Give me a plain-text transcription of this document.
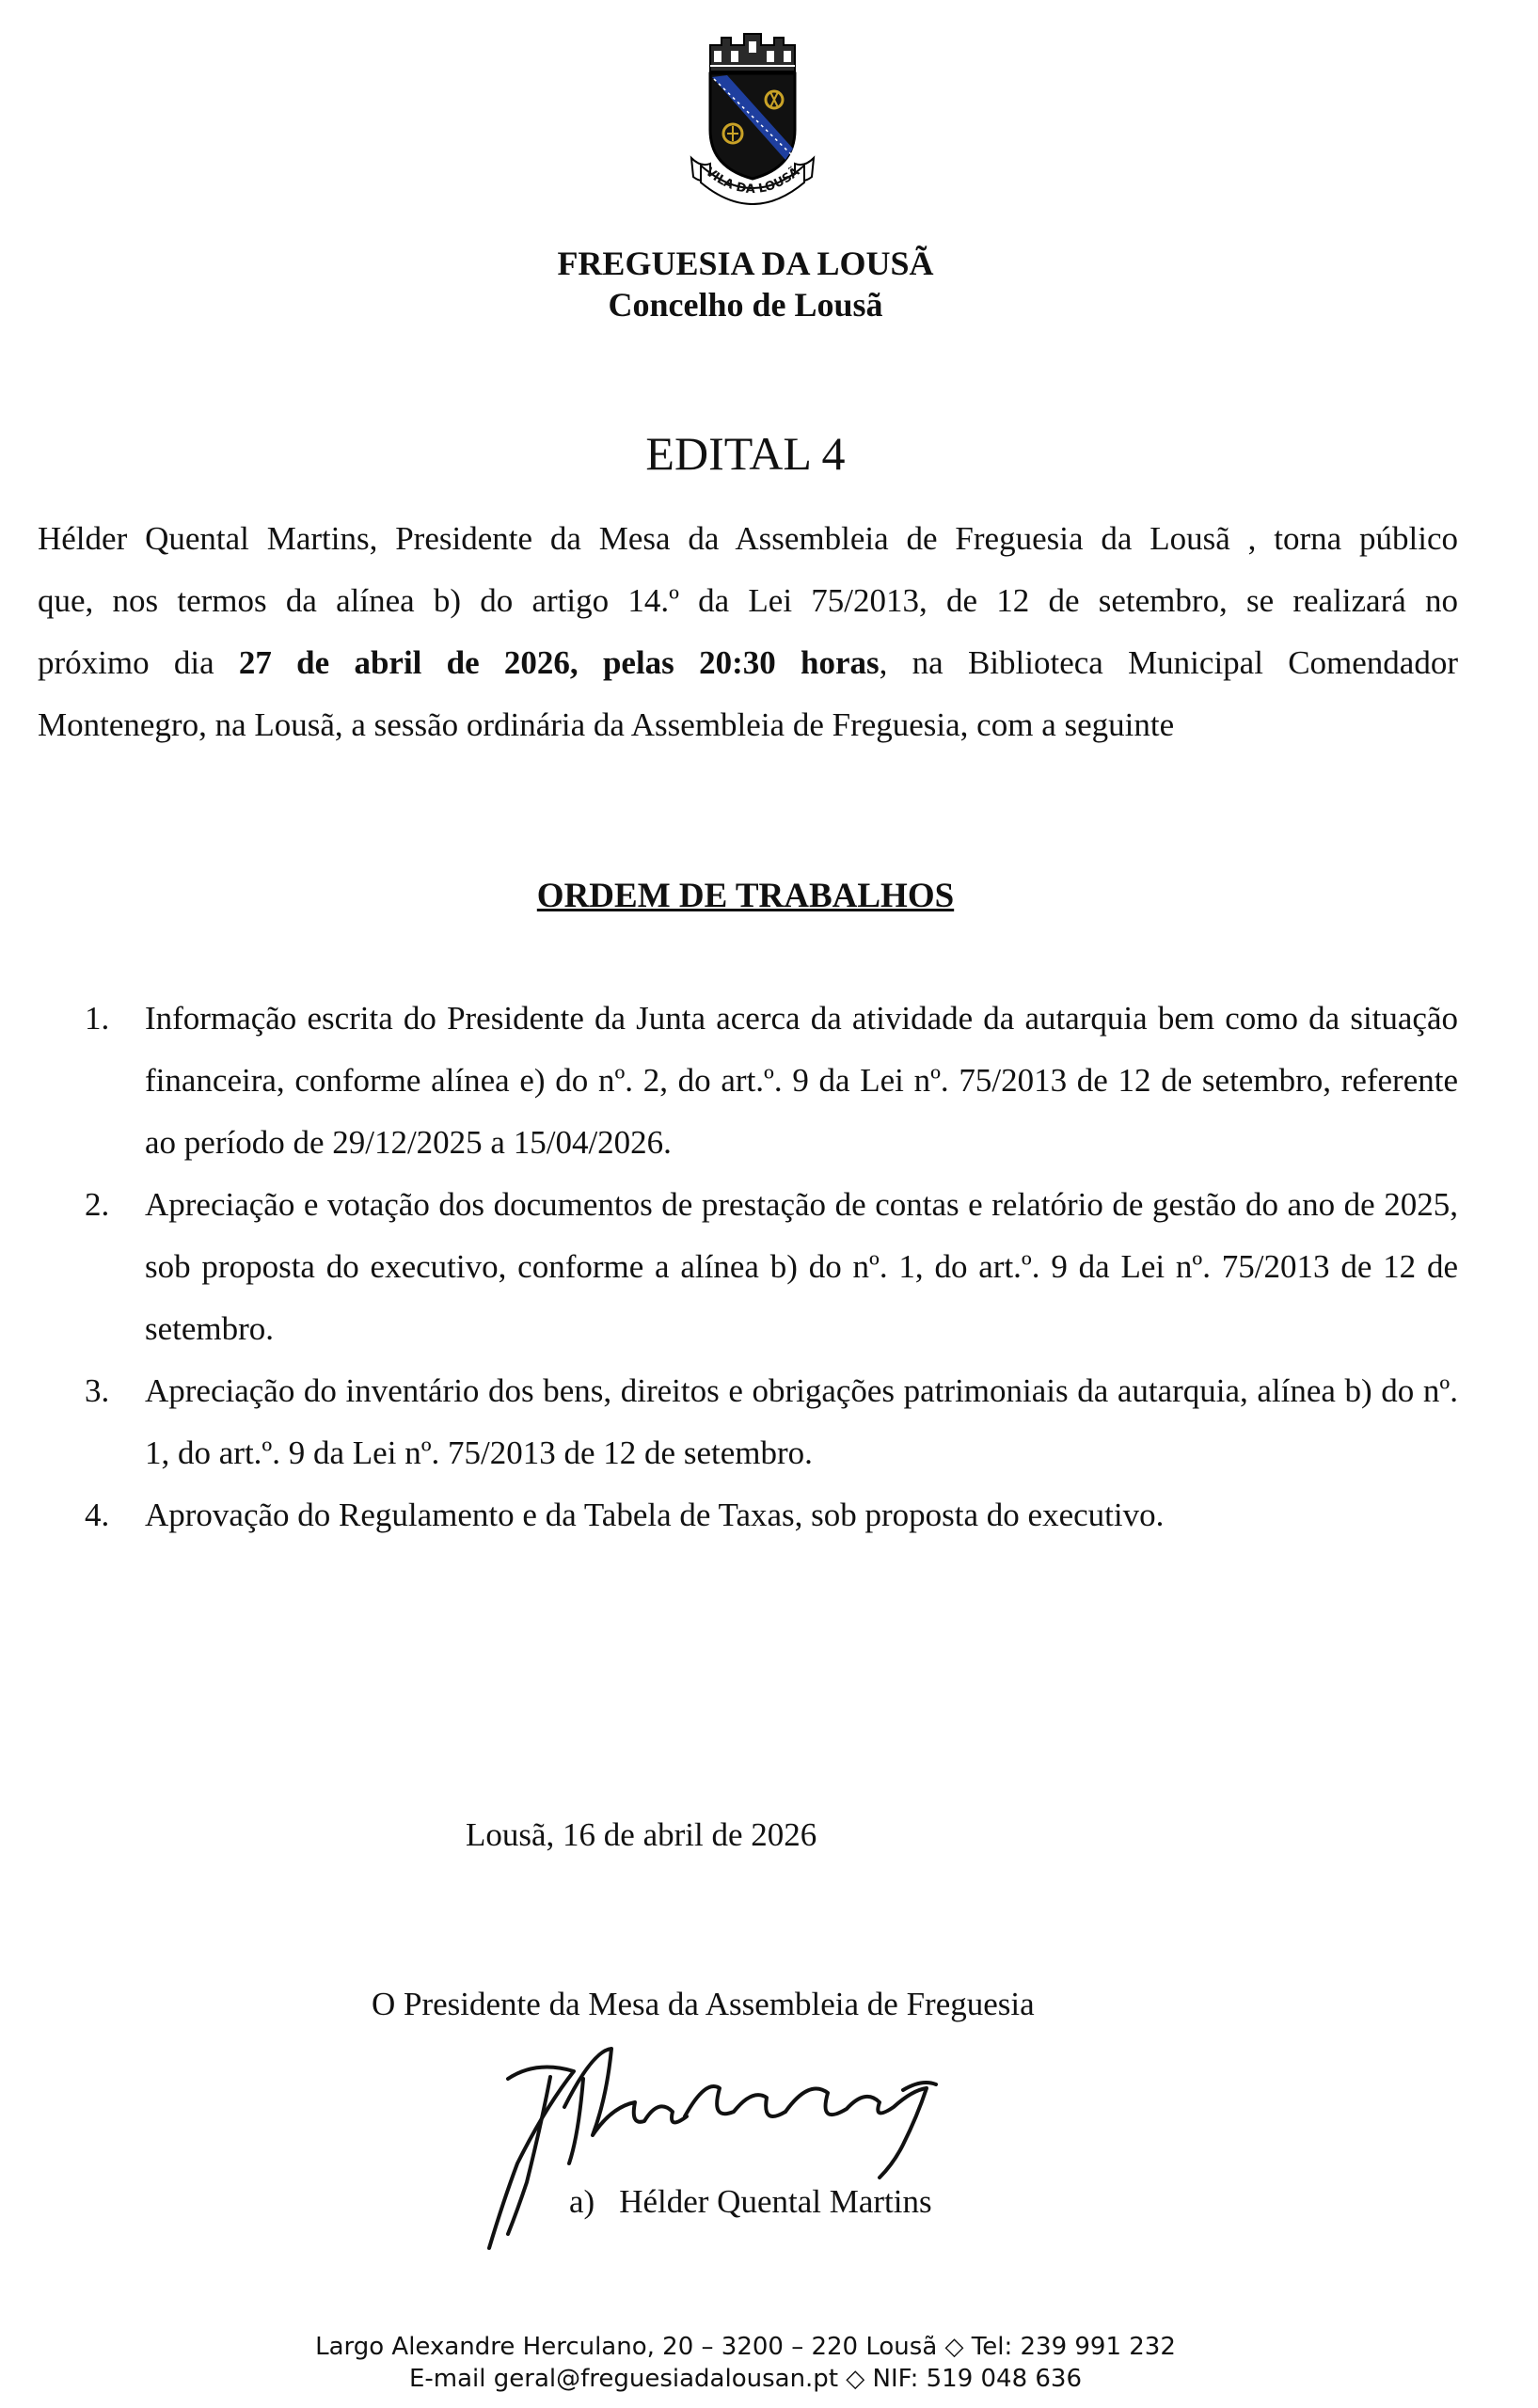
VILA DA LOUSÃ
FREGUESIA DA LOUSÃ
Concelho de Lousã
EDITAL 4
Hélder Quental Martins, Presidente da Mesa da Assembleia de Freguesia da Lousã , torna público
que, nos termos da alínea b) do artigo 14.º da Lei 75/2013, de 12 de setembro, se realizará no
próximo dia 27 de abril de 2026, pelas 20:30 horas, na Biblioteca Municipal Comendador
Montenegro, na Lousã, a sessão ordinária da Assembleia de Freguesia, com a seguinte
ORDEM DE TRABALHOS
1. Informação escrita do Presidente da Junta acerca da atividade da autarquia bem como da situação financeira, conforme alínea e) do nº. 2, do art.º. 9 da Lei nº. 75/2013 de 12 de setembro, referente ao período de 29/12/2025 a 15/04/2026.
2. Apreciação e votação dos documentos de prestação de contas e relatório de gestão do ano de 2025, sob proposta do executivo, conforme a alínea b) do nº. 1, do art.º. 9 da Lei nº. 75/2013 de 12 de setembro.
3. Apreciação do inventário dos bens, direitos e obrigações patrimoniais da autarquia, alínea b) do nº. 1, do art.º. 9 da Lei nº. 75/2013 de 12 de setembro.
4. Aprovação do Regulamento e da Tabela de Taxas, sob proposta do executivo.
Lousã, 16 de abril de 2026
O Presidente da Mesa da Assembleia de Freguesia
a) Hélder Quental Martins
Largo Alexandre Herculano, 20 – 3200 – 220 Lousã ◇ Tel: 239 991 232
E-mail geral@freguesiadalousan.pt ◇ NIF: 519 048 636
